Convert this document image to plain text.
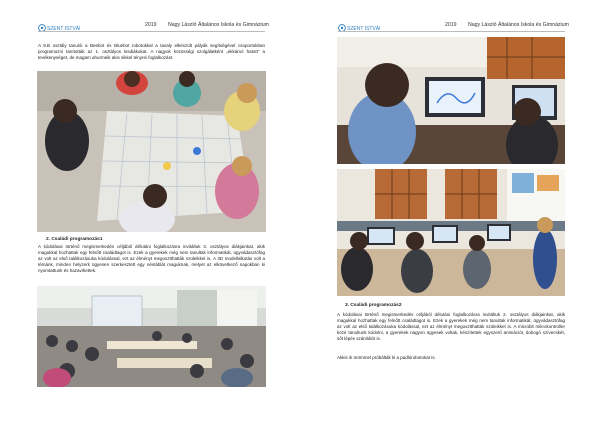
SZENT ISTVÁN
2019 Nagy László Általános Iskola és Gimnázium

A 9.B osztály tanulói a Beebot és Bluebot robotokkal a tavaly elkészült pályák segítségével csoportokban programozni tanították az 1. osztályos kisdiákokat. A nagyok közösségi szolgálatként „ekkámó hatott" a tevékenységet, de magam ahurmeik akis sikkel tényrei foglalkozást.

2. Családi programozás1

A kódolásai történő megismerkedés céljából délutáni foglalkozásra invitáltuk 3. osztályos diákjainkat, akik magukkal hozhattak egy felnőtt családtagot is. Ezek a gyerekek még nem tanultak informatikát, ügyvádasztófag az volt az első találkozásuka kódolással, ezt az élményt megosztthatták szüleikkel is. A 3D modellalkotás volt a témánk, minden helyzerk ügyesen szerkesztett egy névtáblát maguknak, melyet az elkövetkező napokban ki nyomtattunk és hazavihettek.

SZENT ISTVÁN
2019 Nagy László Általános Iskola és Gimnázium

3. Családi programozás2

A kódolásai történő megismerkedés céljából délutáni foglalkozásra invitáltuk 2. osztályos diákjainkat, akik magukkal hozhattak egy felnőtt családtagot is. Ezek a gyerekek még nem tanultak informatikát, ügyvádasztófag az volt az első találkozásuka kódolással, ezt az élményt megosztthatták szüleikkel is. A microbit mikrokontroller közé tanultunk kódolni, a gyerekek nagyon ügyesek voltak, készítettek egyszerű animációt, dobogó szívecskét, sőt lépés számlálót is.

Akkis ik örömmel próbálták ki a padlórobotokat is.
